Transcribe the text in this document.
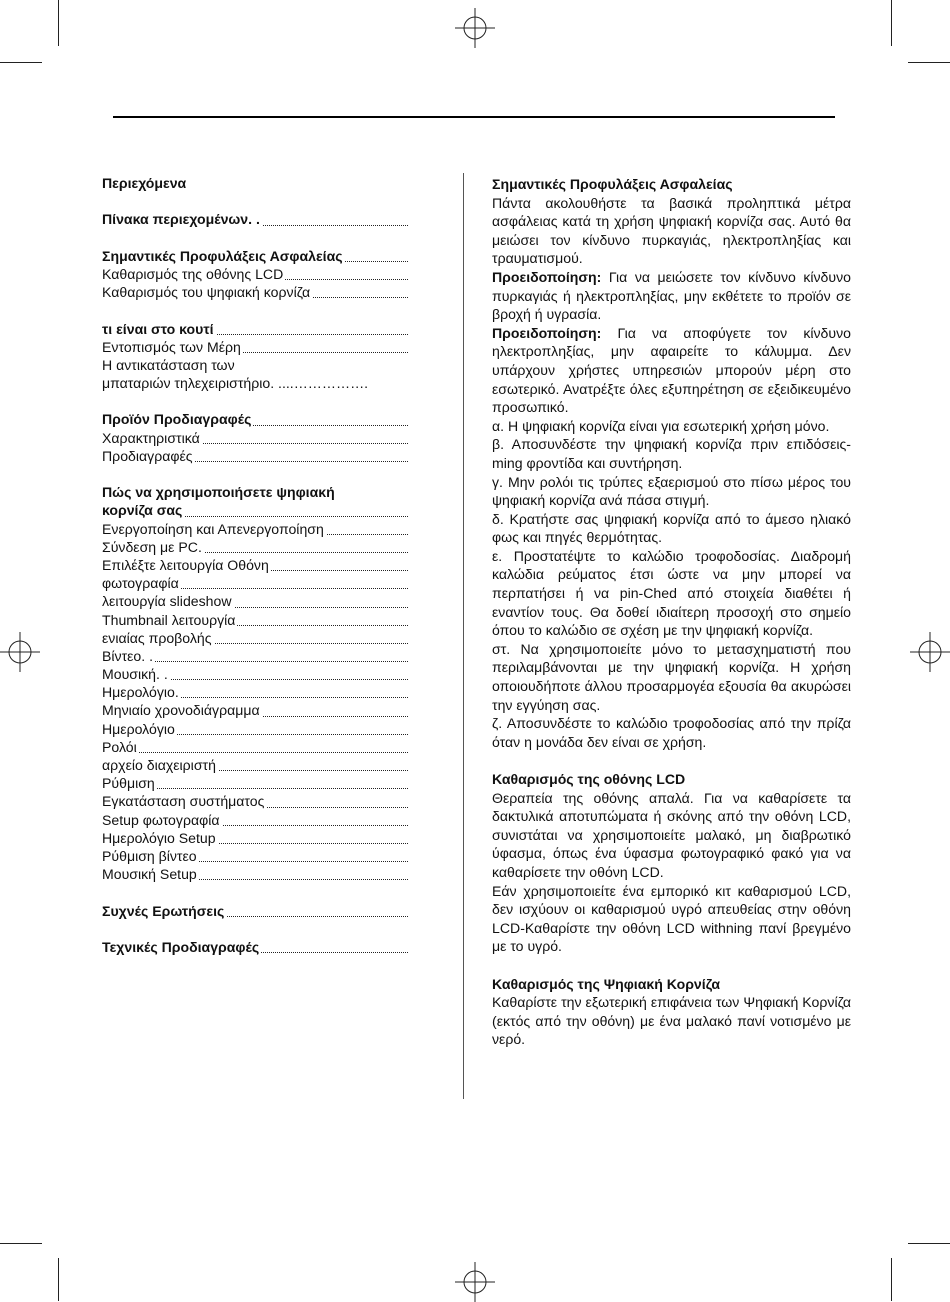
Περιεχόμενα
Πίνακα περιεχομένων. .
Σημαντικές Προφυλάξεις Ασφαλείας
Καθαρισμός της οθόνης LCD
Καθαρισμός του ψηφιακή κορνίζα
τι είναι στο κουτί
Εντοπισμός των Μέρη
Η αντικατάσταση των
μπαταριών τηλεχειριστήριο. ....…………….
Προϊόν Προδιαγραφές
Χαρακτηριστικά
Προδιαγραφές
Πώς να χρησιμοποιήσετε ψηφιακή
κορνίζα σας
Ενεργοποίηση και Απενεργοποίηση
Σύνδεση με PC.
Επιλέξτε λειτουργία Οθόνη
φωτογραφία
λειτουργία slideshow
Thumbnail λειτουργία
ενιαίας προβολής
Βίντεο. .
Μουσική. .
Ημερολόγιο.
Μηνιαίο χρονοδιάγραμμα
Ημερολόγιο
Ρολόι
αρχείο διαχειριστή
Ρύθμιση
Εγκατάσταση συστήματος
Setup φωτογραφία
Ημερολόγιο Setup
Ρύθμιση βίντεο
Μουσική Setup
Συχνές Ερωτήσεις
Τεχνικές Προδιαγραφές
Σημαντικές Προφυλάξεις Ασφαλείας

Πάντα ακολουθήστε τα βασικά προληπτικά μέτρα ασφάλειας κατά τη χρήση ψηφιακή κορνίζα σας. Αυτό θα μειώσει τον κίνδυνο πυρκαγιάς, ηλεκτροπληξίας και τραυματισμού.

Προειδοποίηση: Για να μειώσετε τον κίνδυνο κίνδυνο πυρκαγιάς ή ηλεκτροπληξίας, μην εκθέτετε το προϊόν σε βροχή ή υγρασία.

Προειδοποίηση: Για να αποφύγετε τον κίνδυνο ηλεκτροπληξίας, μην αφαιρείτε το κάλυμμα. Δεν υπάρχουν χρήστες υπηρεσιών μπορούν μέρη στο εσωτερικό. Ανατρέξτε όλες εξυπηρέτηση σε εξειδικευμένο προσωπικό.

α. Η ψηφιακή κορνίζα είναι για εσωτερική χρήση μόνο.

β. Αποσυνδέστε την ψηφιακή κορνίζα πριν επιδόσεις-ming φροντίδα και συντήρηση.

γ. Μην ρολόι τις τρύπες εξαερισμού στο πίσω μέρος του ψηφιακή κορνίζα ανά πάσα στιγμή.

δ. Κρατήστε σας ψηφιακή κορνίζα από το άμεσο ηλιακό φως και πηγές θερμότητας.

ε. Προστατέψτε το καλώδιο τροφοδοσίας. Διαδρομή καλώδια ρεύματος έτσι ώστε να μην μπορεί να περπατήσει ή να pin-Ched από στοιχεία διαθέτει ή εναντίον τους. Θα δοθεί ιδιαίτερη προσοχή στο σημείο όπου το καλώδιο σε σχέση με την ψηφιακή κορνίζα.

στ. Να χρησιμοποιείτε μόνο το μετασχηματιστή που περιλαμβάνονται με την ψηφιακή κορνίζα. Η χρήση οποιουδήποτε άλλου προσαρμογέα εξουσία θα ακυρώσει την εγγύηση σας.

ζ. Αποσυνδέστε το καλώδιο τροφοδοσίας από την πρίζα όταν η μονάδα δεν είναι σε χρήση.

Καθαρισμός της οθόνης LCD

Θεραπεία της οθόνης απαλά. Για να καθαρίσετε τα δακτυλικά αποτυπώματα ή σκόνης από την οθόνη LCD, συνιστάται να χρησιμοποιείτε μαλακό, μη διαβρωτικό ύφασμα, όπως ένα ύφασμα φωτογραφικό φακό για να καθαρίσετε την οθόνη LCD.

Εάν χρησιμοποιείτε ένα εμπορικό κιτ καθαρισμού LCD, δεν ισχύουν οι καθαρισμού υγρό απευθείας στην οθόνη LCD-Καθαρίστε την οθόνη LCD withning πανί βρεγμένο με το υγρό.

Καθαρισμός της Ψηφιακή Κορνίζα

Καθαρίστε την εξωτερική επιφάνεια των Ψηφιακή Κορνίζα (εκτός από την οθόνη) με ένα μαλακό πανί νοτισμένο με νερό.
